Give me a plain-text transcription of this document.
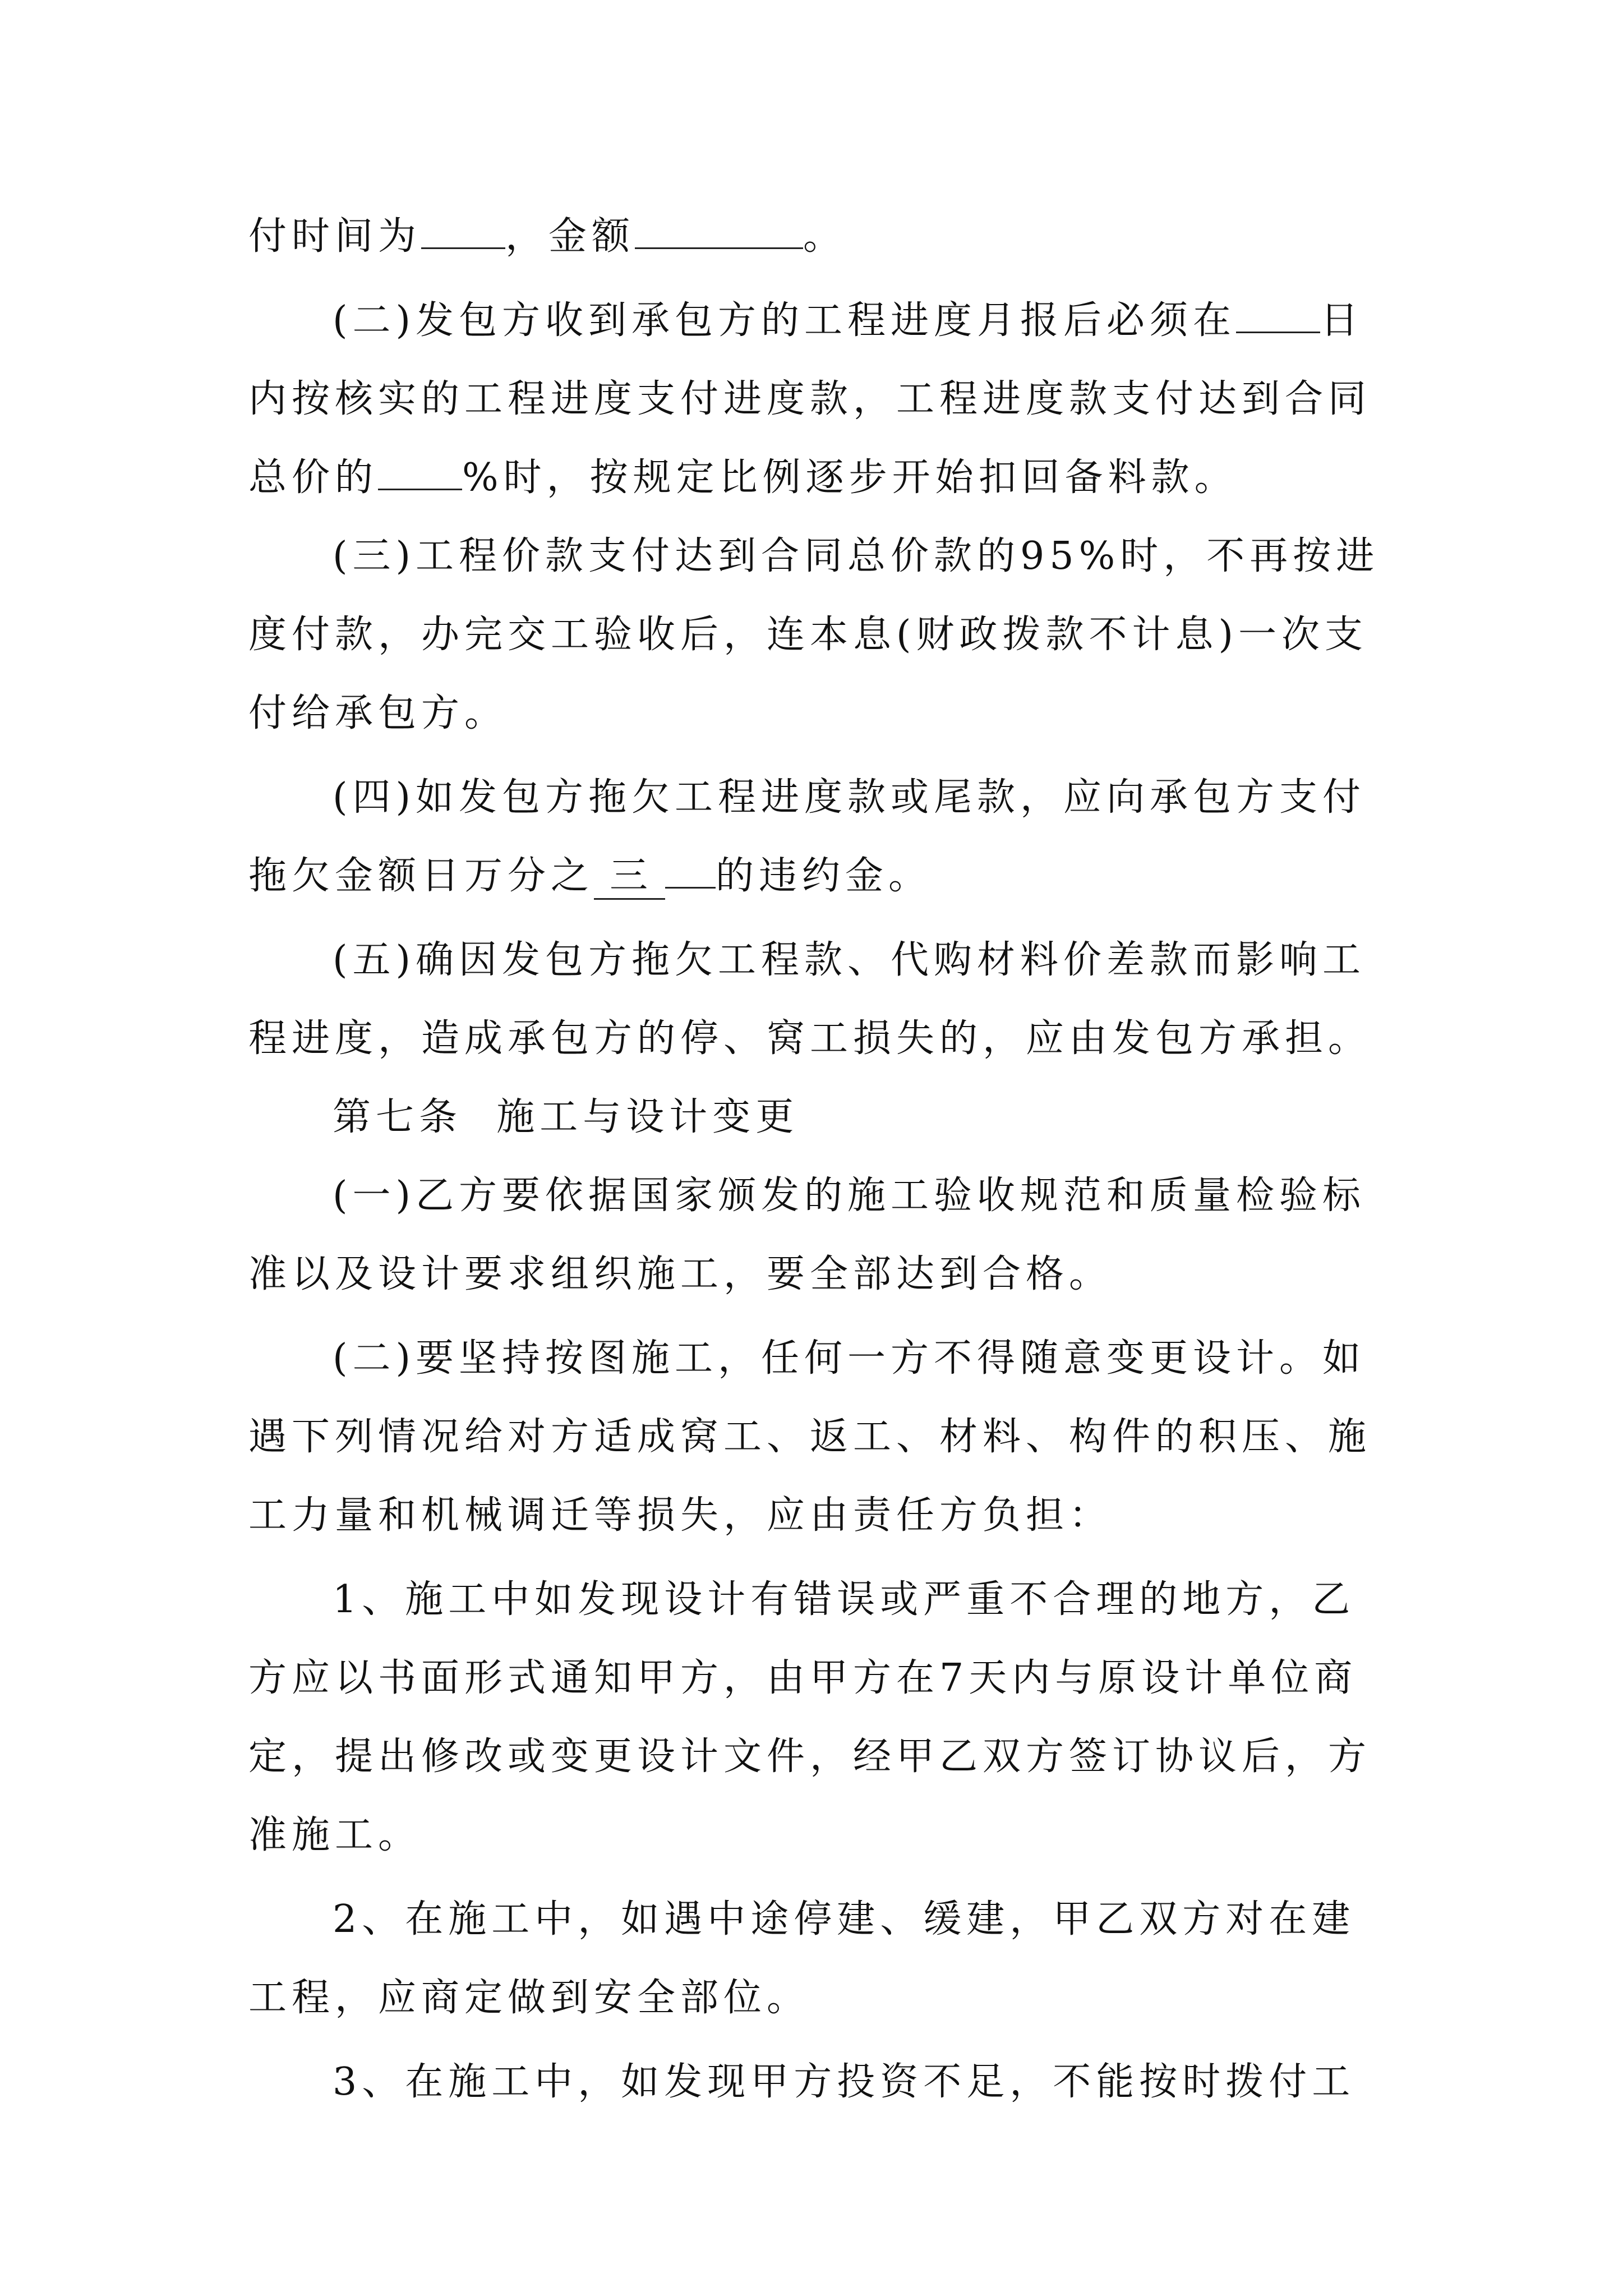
付时间为 ，金额	。

(二)发包方收到承包方的工程进度月报后必须在 日

内按核实的工程进度支付进度款，工程进度款支付达到合同

总价的 %时，按规定比例逐步开始扣回备料款。

(三)工程价款支付达到合同总价款的95%时，不再按进

度付款，办完交工验收后，连本息(财政拨款不计息)一次支

付给承包方。

(四)如发包方拖欠工程进度款或尾款，应向承包方支付

拖欠金额日万分之 三 的违约金。

(五)确因发包方拖欠工程款、代购材料价差款而影响工

程进度，造成承包方的停、窝工损失的，应由发包方承担。

第七条  施工与设计变更

(一)乙方要依据国家颁发的施工验收规范和质量检验标

准以及设计要求组织施工，要全部达到合格。

(二)要坚持按图施工，任何一方不得随意变更设计。如

遇下列情况给对方适成窝工、返工、材料、构件的积压、施

工力量和机械调迁等损失，应由责任方负担：

1、施工中如发现设计有错误或严重不合理的地方，乙

方应以书面形式通知甲方，由甲方在7天内与原设计单位商

定，提出修改或变更设计文件，经甲乙双方签订协议后，方

准施工。

2、在施工中，如遇中途停建、缓建，甲乙双方对在建

工程，应商定做到安全部位。

3、在施工中，如发现甲方投资不足，不能按时拨付工
